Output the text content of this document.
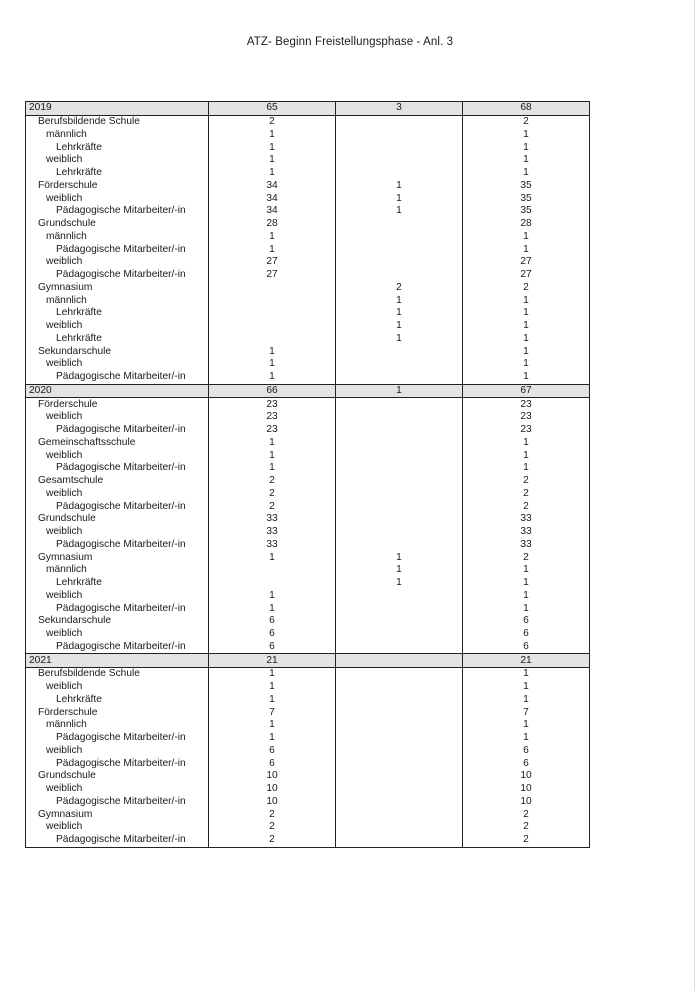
ATZ- Beginn Freistellungsphase - Anl. 3
2019	65	3	68
Berufsbildende Schule	2		2
männlich	1		1
Lehrkräfte	1		1
weiblich	1		1
Lehrkräfte	1		1
Förderschule	34	1	35
weiblich	34	1	35
Pädagogische Mitarbeiter/-in	34	1	35
Grundschule	28		28
männlich	1		1
Pädagogische Mitarbeiter/-in	1		1
weiblich	27		27
Pädagogische Mitarbeiter/-in	27		27
Gymnasium		2	2
männlich		1	1
Lehrkräfte		1	1
weiblich		1	1
Lehrkräfte		1	1
Sekundarschule	1		1
weiblich	1		1
Pädagogische Mitarbeiter/-in	1		1
2020	66	1	67
Förderschule	23		23
weiblich	23		23
Pädagogische Mitarbeiter/-in	23		23
Gemeinschaftsschule	1		1
weiblich	1		1
Pädagogische Mitarbeiter/-in	1		1
Gesamtschule	2		2
weiblich	2		2
Pädagogische Mitarbeiter/-in	2		2
Grundschule	33		33
weiblich	33		33
Pädagogische Mitarbeiter/-in	33		33
Gymnasium	1	1	2
männlich		1	1
Lehrkräfte		1	1
weiblich	1		1
Pädagogische Mitarbeiter/-in	1		1
Sekundarschule	6		6
weiblich	6		6
Pädagogische Mitarbeiter/-in	6		6
2021	21		21
Berufsbildende Schule	1		1
weiblich	1		1
Lehrkräfte	1		1
Förderschule	7		7
männlich	1		1
Pädagogische Mitarbeiter/-in	1		1
weiblich	6		6
Pädagogische Mitarbeiter/-in	6		6
Grundschule	10		10
weiblich	10		10
Pädagogische Mitarbeiter/-in	10		10
Gymnasium	2		2
weiblich	2		2
Pädagogische Mitarbeiter/-in	2		2
